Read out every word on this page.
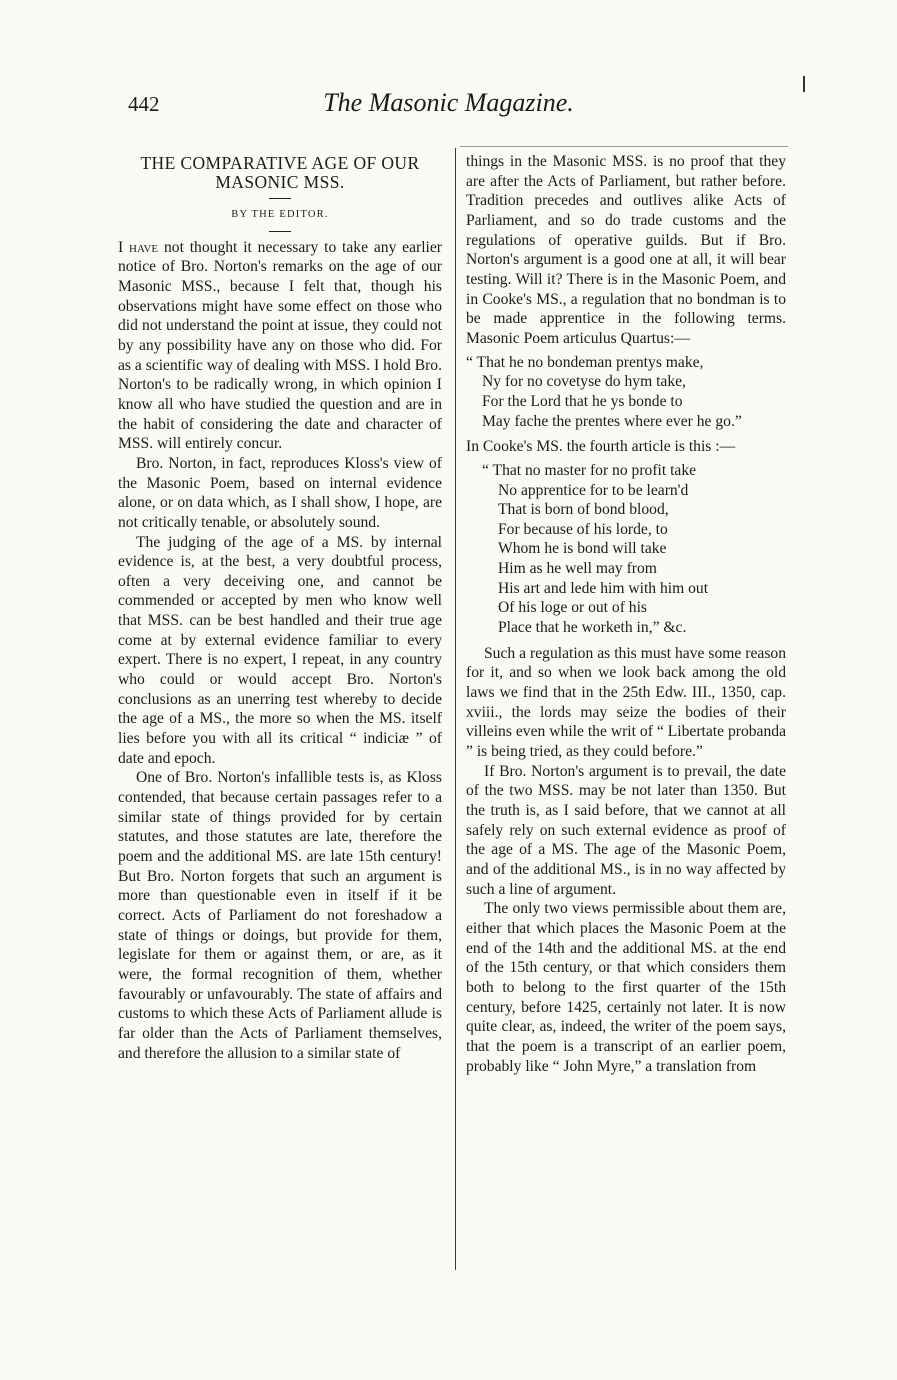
442	The Masonic Magazine.
THE COMPARATIVE AGE OF OUR MASONIC MSS.
BY THE EDITOR.

I have not thought it necessary to take any earlier notice of Bro. Norton's remarks on the age of our Masonic MSS., because I felt that, though his observations might have some effect on those who did not understand the point at issue, they could not by any possibility have any on those who did. For as a scientific way of dealing with MSS. I hold Bro. Norton's to be radically wrong, in which opinion I know all who have studied the question and are in the habit of considering the date and character of MSS. will entirely concur.

Bro. Norton, in fact, reproduces Kloss's view of the Masonic Poem, based on internal evidence alone, or on data which, as I shall show, I hope, are not critically tenable, or absolutely sound.

The judging of the age of a MS. by internal evidence is, at the best, a very doubtful process, often a very deceiving one, and cannot be commended or accepted by men who know well that MSS. can be best handled and their true age come at by external evidence familiar to every expert. There is no expert, I repeat, in any country who could or would accept Bro. Norton's conclusions as an unerring test whereby to decide the age of a MS., the more so when the MS. itself lies before you with all its critical “ indiciæ ” of date and epoch.

One of Bro. Norton's infallible tests is, as Kloss contended, that because certain passages refer to a similar state of things provided for by certain statutes, and those statutes are late, therefore the poem and the additional MS. are late 15th century! But Bro. Norton forgets that such an argument is more than questionable even in itself if it be correct. Acts of Parliament do not foreshadow a state of things or doings, but provide for them, legislate for them or against them, or are, as it were, the formal recognition of them, whether favourably or unfavourably. The state of affairs and customs to which these Acts of Parliament allude is far older than the Acts of Parliament themselves, and therefore the allusion to a similar state of

things in the Masonic MSS. is no proof that they are after the Acts of Parliament, but rather before. Tradition precedes and outlives alike Acts of Parliament, and so do trade customs and the regulations of operative guilds. But if Bro. Norton's argument is a good one at all, it will bear testing. Will it? There is in the Masonic Poem, and in Cooke's MS., a regulation that no bondman is to be made apprentice in the following terms. Masonic Poem articulus Quartus:—

“ That he no bondeman prentys make,
Ny for no covetyse do hym take,
For the Lord that he ys bonde to
May fache the prentes where ever he go.”

In Cooke's MS. the fourth article is this :—

“ That no master for no profit take
No apprentice for to be learn'd
That is born of bond blood,
For because of his lorde, to
Whom he is bond will take
Him as he well may from
His art and lede him with him out
Of his loge or out of his
Place that he worketh in,” &c.

Such a regulation as this must have some reason for it, and so when we look back among the old laws we find that in the 25th Edw. III., 1350, cap. xviii., the lords may seize the bodies of their villeins even while the writ of “ Libertate probanda ” is being tried, as they could before.”

If Bro. Norton's argument is to prevail, the date of the two MSS. may be not later than 1350. But the truth is, as I said before, that we cannot at all safely rely on such external evidence as proof of the age of a MS. The age of the Masonic Poem, and of the additional MS., is in no way affected by such a line of argument.

The only two views permissible about them are, either that which places the Masonic Poem at the end of the 14th and the additional MS. at the end of the 15th century, or that which considers them both to belong to the first quarter of the 15th century, before 1425, certainly not later. It is now quite clear, as, indeed, the writer of the poem says, that the poem is a transcript of an earlier poem, probably like “ John Myre,” a translation from
